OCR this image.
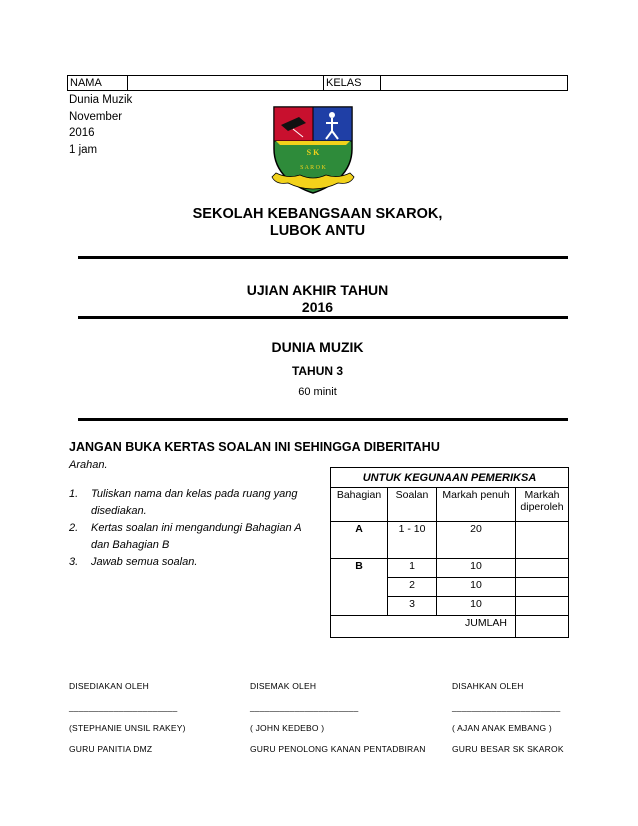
NAMA	KELAS
Dunia Muzik
November
2016
1 jam	S K
S A R O K
SEKOLAH KEBANGSAAN SKAROK,
LUBOK ANTU
UJIAN AKHIR TAHUN
2016
DUNIA MUZIK
TAHUN 3
60 minit
JANGAN BUKA KERTAS SOALAN INI SEHINGGA DIBERITAHU
Arahan.
1. Tuliskan nama dan kelas pada ruang yang disediakan.
2. Kertas soalan ini mengandungi Bahagian A dan Bahagian B
3. Jawab semua soalan.
UNTUK KEGUNAAN PEMERIKSA			
Bahagian	Soalan	Markah penuh	Markah diperoleh
A	1 - 10	20	
B	1	10	
	2	10	
	3	10	
JUMLAH			
DISEDIAKAN OLEH
______________________
(STEPHANIE UNSIL RAKEY)
GURU PANITIA DMZ
DISEMAK OLEH
______________________
( JOHN KEDEBO )
GURU PENOLONG KANAN PENTADBIRAN
DISAHKAN OLEH
______________________
( AJAN ANAK EMBANG )
GURU BESAR SK SKAROK
